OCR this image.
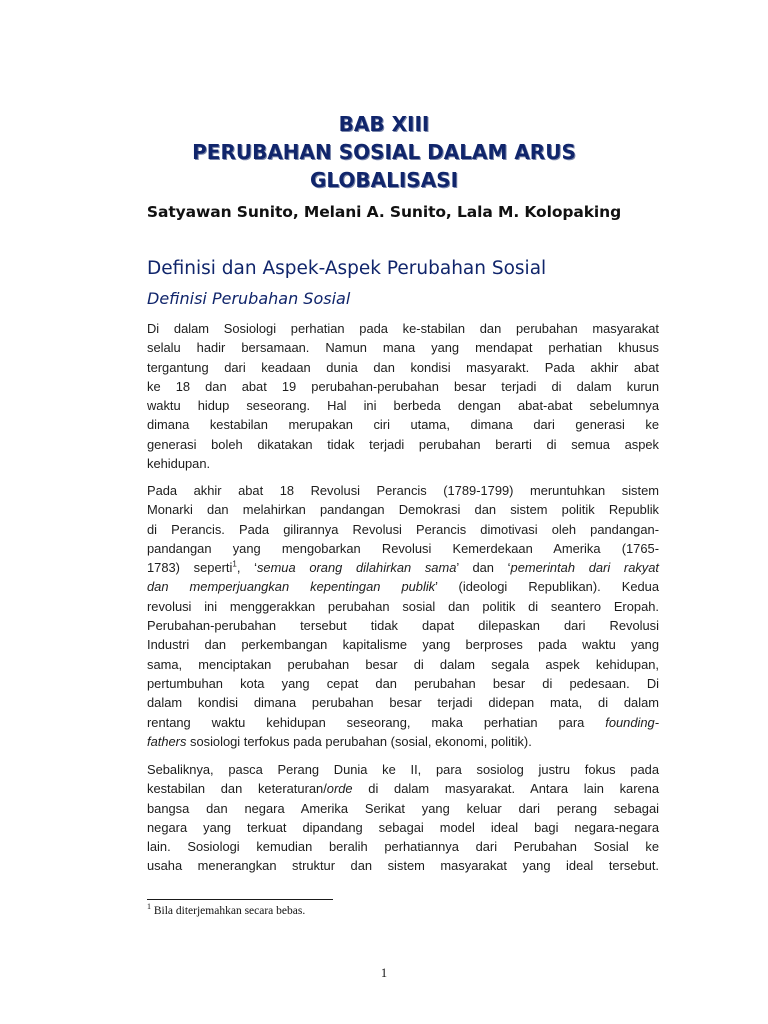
BAB XIII
PERUBAHAN SOSIAL DALAM ARUS
GLOBALISASI
Satyawan Sunito, Melani A. Sunito, Lala M. Kolopaking
Definisi dan Aspek-Aspek Perubahan Sosial
Definisi Perubahan Sosial
Di dalam Sosiologi perhatian pada ke-stabilan dan perubahan masyarakat
selalu hadir bersamaan. Namun mana yang mendapat perhatian khusus
tergantung dari keadaan dunia dan kondisi masyarakt. Pada akhir abat
ke 18 dan abat 19 perubahan-perubahan besar terjadi di dalam kurun
waktu hidup seseorang. Hal ini berbeda dengan abat-abat sebelumnya
dimana kestabilan merupakan ciri utama, dimana dari generasi ke
generasi boleh dikatakan tidak terjadi perubahan berarti di semua aspek
kehidupan.
Pada akhir abat 18 Revolusi Perancis (1789-1799) meruntuhkan sistem
Monarki dan melahirkan pandangan Demokrasi dan sistem politik Republik
di Perancis. Pada gilirannya Revolusi Perancis dimotivasi oleh pandangan-
pandangan yang mengobarkan Revolusi Kemerdekaan Amerika (1765-
1783) seperti$^1$, ‘semua orang dilahirkan sama’ dan ‘pemerintah dari rakyat
dan memperjuangkan kepentingan publik’ (ideologi Republikan). Kedua
revolusi ini menggerakkan perubahan sosial dan politik di seantero Eropah.
Perubahan-perubahan tersebut tidak dapat dilepaskan dari Revolusi
Industri dan perkembangan kapitalisme yang berproses pada waktu yang
sama, menciptakan perubahan besar di dalam segala aspek kehidupan,
pertumbuhan kota yang cepat dan perubahan besar di pedesaan. Di
dalam kondisi dimana perubahan besar terjadi didepan mata, di dalam
rentang waktu kehidupan seseorang, maka perhatian para founding-
fathers sosiologi terfokus pada perubahan (sosial, ekonomi, politik).
Sebaliknya, pasca Perang Dunia ke II, para sosiolog justru fokus pada
kestabilan dan keteraturan/orde di dalam masyarakat. Antara lain karena
bangsa dan negara Amerika Serikat yang keluar dari perang sebagai
negara yang terkuat dipandang sebagai model ideal bagi negara-negara
lain. Sosiologi kemudian beralih perhatiannya dari Perubahan Sosial ke
usaha menerangkan struktur dan sistem masyarakat yang ideal tersebut.
$^1$ Bila diterjemahkan secara bebas.
1
